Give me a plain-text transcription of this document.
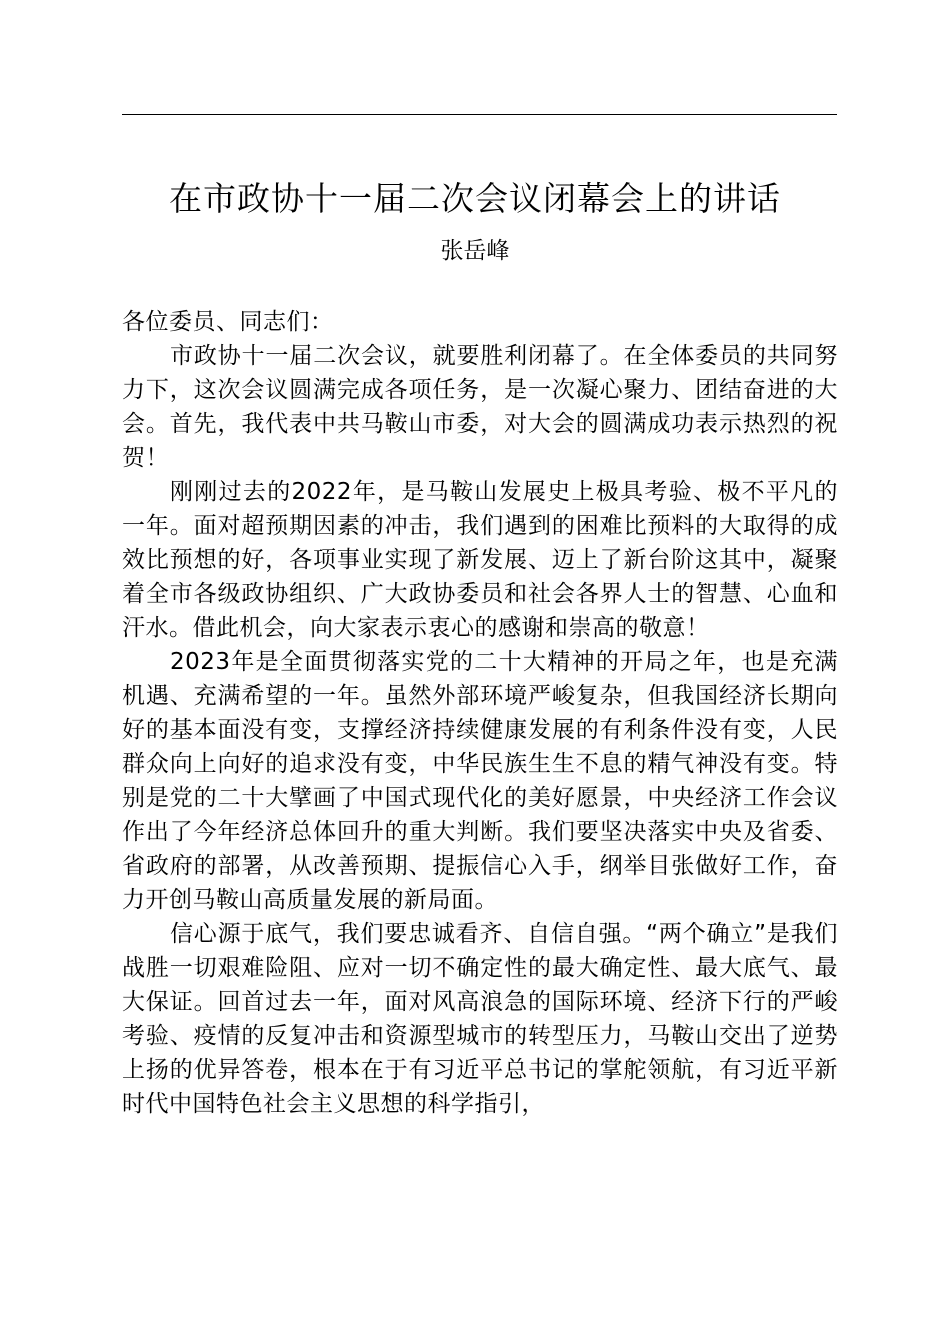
在市政协十一届二次会议闭幕会上的讲话
张岳峰

各位委员、同志们：

市政协十一届二次会议，就要胜利闭幕了。在全体委员的共同努力下，这次会议圆满完成各项任务，是一次凝心聚力、团结奋进的大会。首先，我代表中共马鞍山市委，对大会的圆满成功表示热烈的祝贺！

刚刚过去的2022年，是马鞍山发展史上极具考验、极不平凡的一年。面对超预期因素的冲击，我们遇到的困难比预料的大取得的成效比预想的好，各项事业实现了新发展、迈上了新台阶这其中，凝聚着全市各级政协组织、广大政协委员和社会各界人士的智慧、心血和汗水。借此机会，向大家表示衷心的感谢和崇高的敬意！

2023年是全面贯彻落实党的二十大精神的开局之年，也是充满机遇、充满希望的一年。虽然外部环境严峻复杂，但我国经济长期向好的基本面没有变，支撑经济持续健康发展的有利条件没有变，人民群众向上向好的追求没有变，中华民族生生不息的精气神没有变。特别是党的二十大擘画了中国式现代化的美好愿景，中央经济工作会议作出了今年经济总体回升的重大判断。我们要坚决落实中央及省委、省政府的部署，从改善预期、提振信心入手，纲举目张做好工作，奋力开创马鞍山高质量发展的新局面。

信心源于底气，我们要忠诚看齐、自信自强。“两个确立”是我们战胜一切艰难险阻、应对一切不确定性的最大确定性、最大底气、最大保证。回首过去一年，面对风高浪急的国际环境、经济下行的严峻考验、疫情的反复冲击和资源型城市的转型压力，马鞍山交出了逆势上扬的优异答卷，根本在于有习近平总书记的掌舵领航，有习近平新时代中国特色社会主义思想的科学指引，
